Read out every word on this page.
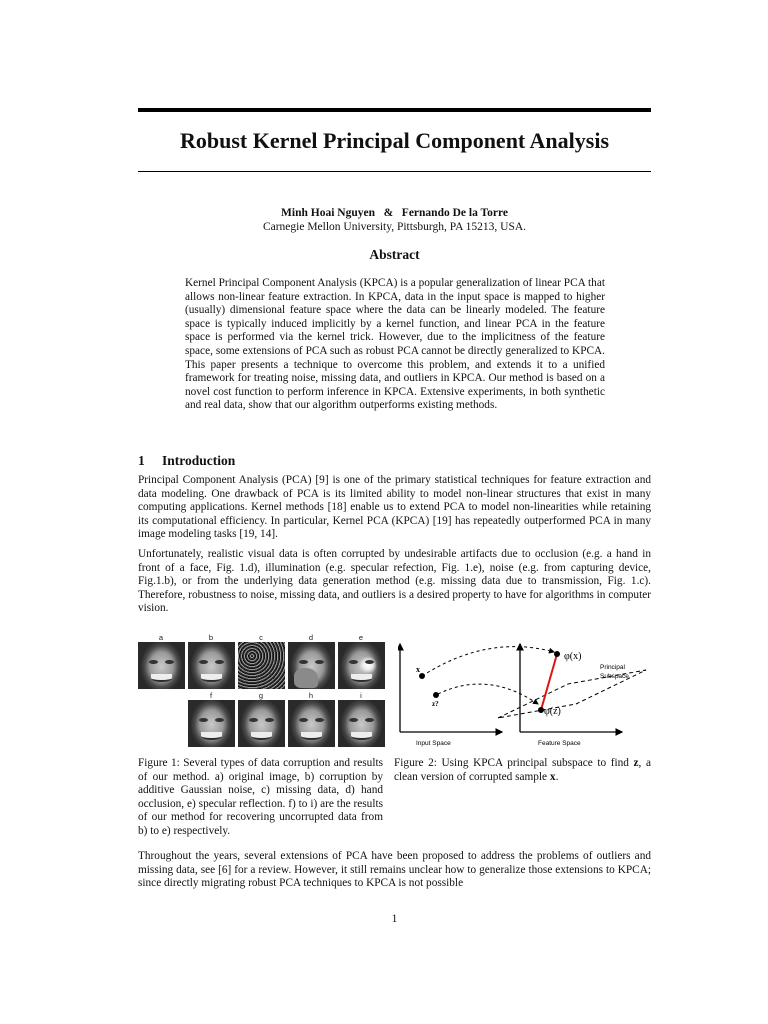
Robust Kernel Principal Component Analysis
Minh Hoai Nguyen   &   Fernando De la Torre
Carnegie Mellon University, Pittsburgh, PA 15213, USA.
Abstract

Kernel Principal Component Analysis (KPCA) is a popular generalization of linear PCA that allows non-linear feature extraction. In KPCA, data in the input space is mapped to higher (usually) dimensional feature space where the data can be linearly modeled. The feature space is typically induced implicitly by a kernel function, and linear PCA in the feature space is performed via the kernel trick. However, due to the implicitness of the feature space, some extensions of PCA such as robust PCA cannot be directly generalized to KPCA. This paper presents a technique to overcome this problem, and extends it to a unified framework for treating noise, missing data, and outliers in KPCA. Our method is based on a novel cost function to perform inference in KPCA. Extensive experiments, in both synthetic and real data, show that our algorithm outperforms existing methods.

1 Introduction

Principal Component Analysis (PCA) [9] is one of the primary statistical techniques for feature extraction and data modeling. One drawback of PCA is its limited ability to model non-linear structures that exist in many computing applications. Kernel methods [18] enable us to extend PCA to model non-linearities while retaining its computational efficiency. In particular, Kernel PCA (KPCA) [19] has repeatedly outperformed PCA in many image modeling tasks [19, 14].

Unfortunately, realistic visual data is often corrupted by undesirable artifacts due to occlusion (e.g. a hand in front of a face, Fig. 1.d), illumination (e.g. specular refection, Fig. 1.e), noise (e.g. from capturing device, Fig.1.b), or from the underlying data generation method (e.g. missing data due to transmission, Fig. 1.c). Therefore, robustness to noise, missing data, and outliers is a desired property to have for algorithms in computer vision.

a	b	c	d	e
f	g	h	i
x
z?
φ(x)
φ(z)
Principal
Subspace
Input Space	Feature Space

Figure 1: Several types of data corruption and results of our method. a) original image, b) corruption by additive Gaussian noise, c) missing data, d) hand occlusion, e) specular reflection. f) to i) are the results of our method for recovering uncorrupted data from b) to e) respectively.

Figure 2: Using KPCA principal subspace to find z, a clean version of corrupted sample x.

Throughout the years, several extensions of PCA have been proposed to address the problems of outliers and missing data, see [6] for a review. However, it still remains unclear how to generalize those extensions to KPCA; since directly migrating robust PCA techniques to KPCA is not possible

1
